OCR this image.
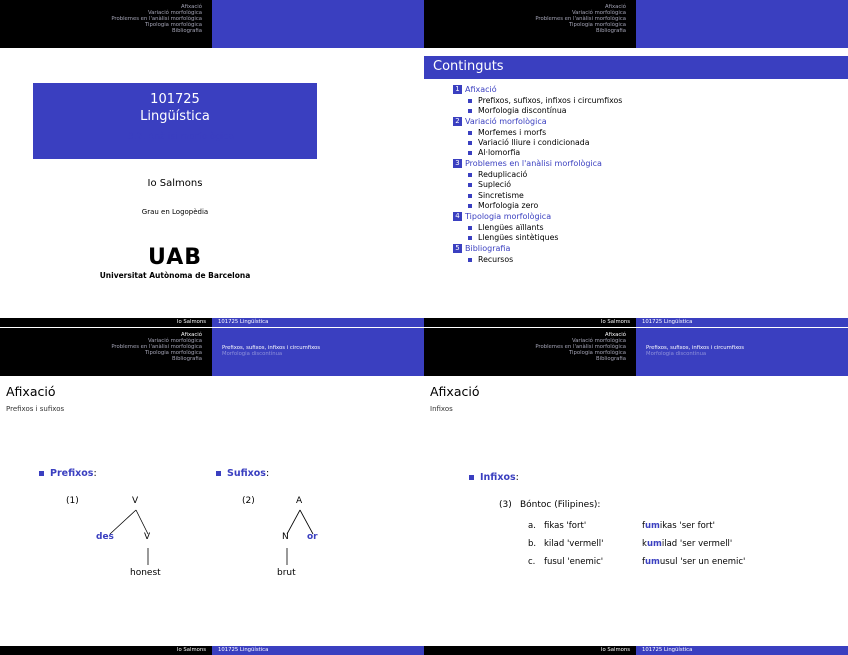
Afixació
Variació morfològica
Problemes en l'anàlisi morfològica
Tipologia morfològica
Bibliografia
101725
Lingüística
3.2. Anàlisi morfològica
Io Salmons
Grau en Logopèdia
UAB
Universitat Autònoma de Barcelona
Io Salmons	101725 Lingüística
Afixació
Variació morfològica
Problemes en l'anàlisi morfològica
Tipologia morfològica
Bibliografia
Continguts
1 Afixació
Prefixos, sufixos, infixos i circumfixos
Morfologia discontínua
2 Variació morfològica
Morfemes i morfs
Variació lliure i condicionada
Al·lomorfia
3 Problemes en l'anàlisi morfològica
Reduplicació
Supleció
Sincretisme
Morfologia zero
4 Tipologia morfològica
Llengües aïllants
Llengües sintètiques
5 Bibliografia
Recursos
Io Salmons	101725 Lingüística
Afixació
Variació morfològica
Problemes en l'anàlisi morfològica
Tipologia morfològica
Bibliografia
Prefixos, sufixos, infixos i circumfixos
Morfologia discontínua
Afixació
Prefixos i sufixos
Prefixos:	Sufixos:
(1)	V
des	V
honest
(2)	A
N or
brut
Io Salmons	101725 Lingüística
Afixació
Variació morfològica
Problemes en l'anàlisi morfològica
Tipologia morfològica
Bibliografia
Prefixos, sufixos, infixos i circumfixos
Morfologia discontínua
Afixació
Infixos
Infixos:
(3) Bóntoc (Filipines):
a. fikas 'fort'	fumikas 'ser fort'
b. kilad 'vermell'	kumilad 'ser vermell'
c. fusul 'enemic'	fumusul 'ser un enemic'
Io Salmons	101725 Lingüística
